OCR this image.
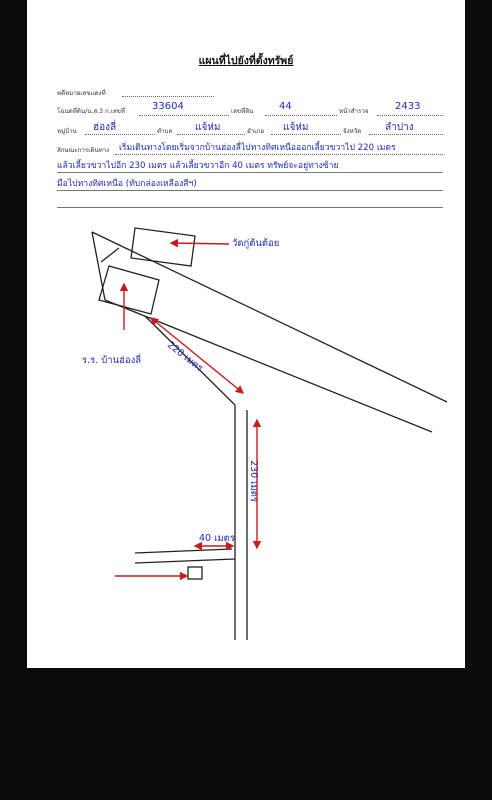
แผนที่ไปยังที่ตั้งทรัพย์
คดีหมายเลขแดงที่
โฉนดที่ดิน/น.ส.3 ก.เลขที่	33604	เลขที่ดิน	44	หน้าสำรวจ	2433
หมู่บ้าน ฮ่องลี่	ตำบล แจ้ห่ม	อำเภอ แจ้ห่ม	จังหวัด ลำปาง
ลักษณะการเดินทาง เริ่มเดินทางโดยเริ่มจากบ้านฮ่องลี่ไปทางทิศเหนือออกเลี้ยวขวาไป 220 เมตร
แล้วเลี้ยวขวาไปอีก 230 เมตร แล้วเลี้ยวขวาอีก 40 เมตร ทรัพย์จะอยู่ทางซ้าย
มือไปทางทิศเหนือ (ทับกล่องเหลืองสีฯ)
วัดกู่ต้นต้อย
ร.ร. บ้านฮ่องลี่	220 เมตร
230 เมตร
40 เมตร
